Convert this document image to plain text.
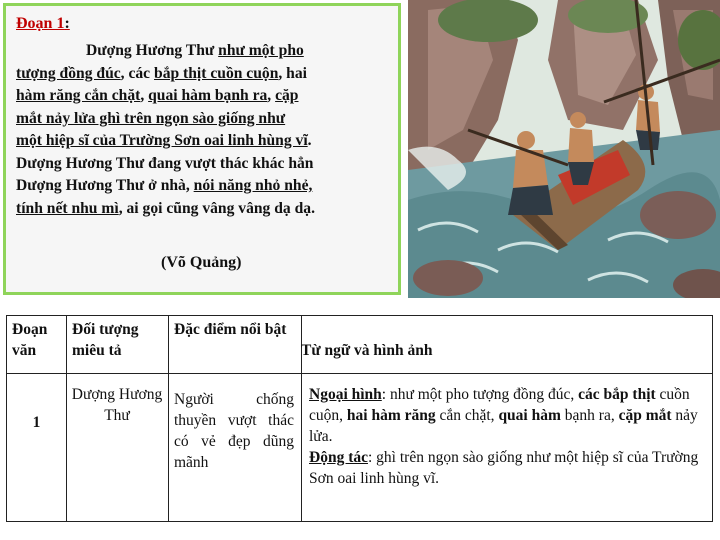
Đoạn 1:
Dượng Hương Thư như một pho
tượng đồng đúc, các bắp thịt cuồn cuộn, hai
hàm răng cắn chặt, quai hàm bạnh ra, cặp
mắt nảy lửa ghì trên ngọn sào giống như
một hiệp sĩ của Trường Sơn oai linh hùng vĩ.
Dượng Hương Thư đang vượt thác khác hẳn
Dượng Hương Thư ở nhà, nói năng nhỏ nhẻ,
tính nết nhu mì, ai gọi cũng vâng vâng dạ dạ.
(Võ Quảng)
Đoạn văn
Đối tượng miêu tả
Đặc điểm nổi bật
Từ ngữ và hình ảnh
1
Dượng Hương Thư
Người chống thuyền vượt thác có vẻ đẹp dũng mãnh
Ngoại hình: như một pho tượng đồng đúc, các bắp thịt cuồn cuộn, hai hàm răng cắn chặt, quai hàm bạnh ra, cặp mắt nảy lửa.
Động tác: ghì trên ngọn sào giống như một hiệp sĩ của Trường Sơn oai linh hùng vĩ.
